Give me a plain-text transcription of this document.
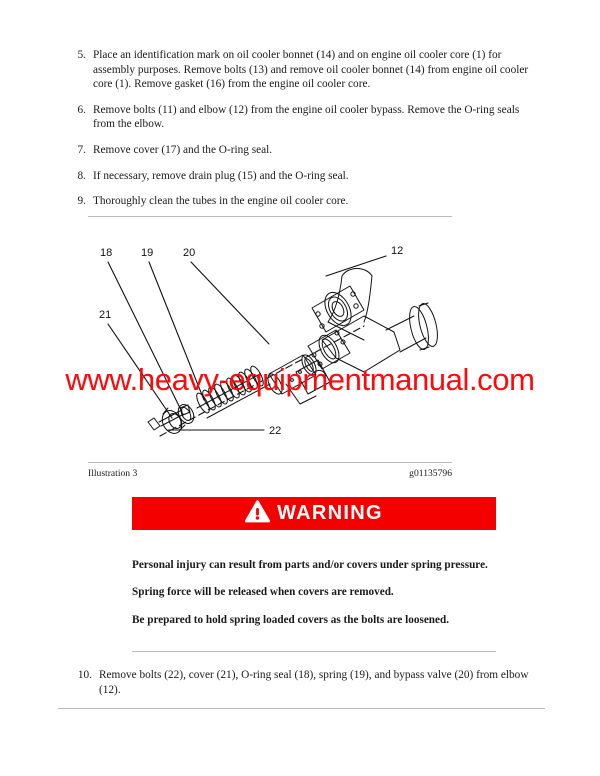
5. Place an identification mark on oil cooler bonnet (14) and on engine oil cooler core (1) for assembly purposes. Remove bolts (13) and remove oil cooler bonnet (14) from engine oil cooler core (1). Remove gasket (16) from the engine oil cooler core.
6. Remove bolts (11) and elbow (12) from the engine oil cooler bypass. Remove the O-ring seals from the elbow.
7. Remove cover (17) and the O-ring seal.
8. If necessary, remove drain plug (15) and the O-ring seal.
9. Thoroughly clean the tubes in the engine oil cooler core.
18	19	20
21
12
22
www.heavy-equipmentmanual.com
Illustration 3	g01135796
WARNING

Personal injury can result from parts and/or covers under spring pressure.

Spring force will be released when covers are removed.

Be prepared to hold spring loaded covers as the bolts are loosened.

10. Remove bolts (22), cover (21), O-ring seal (18), spring (19), and bypass valve (20) from elbow (12).
